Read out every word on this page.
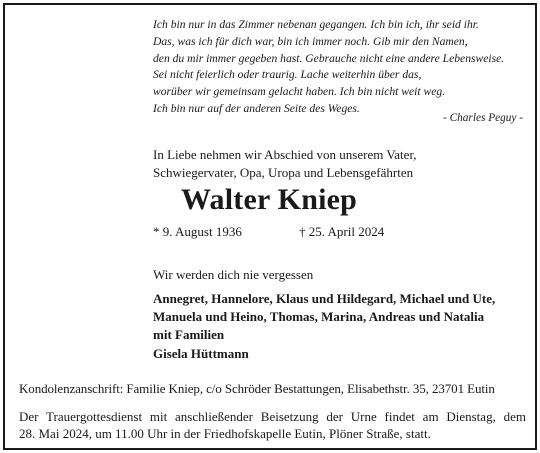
Ich bin nur in das Zimmer nebenan gegangen. Ich bin ich, ihr seid ihr.
Das, was ich für dich war, bin ich immer noch. Gib mir den Namen,
den du mir immer gegeben hast. Gebrauche nicht eine andere Lebensweise.
Sei nicht feierlich oder traurig. Lache weiterhin über das,
worüber wir gemeinsam gelacht haben. Ich bin nicht weit weg.
Ich bin nur auf der anderen Seite des Weges.
- Charles Peguy -
In Liebe nehmen wir Abschied von unserem Vater,
Schwiegervater, Opa, Uropa und Lebensgefährten
Walter Kniep
* 9. August 1936	† 25. April 2024
Wir werden dich nie vergessen
Annegret, Hannelore, Klaus und Hildegard, Michael und Ute,
Manuela und Heino, Thomas, Marina, Andreas und Natalia
mit Familien
Gisela Hüttmann
Kondolenzanschrift: Familie Kniep, c/o Schröder Bestattungen, Elisabethstr. 35, 23701 Eutin
Der Trauergottesdienst mit anschließender Beisetzung der Urne findet am Dienstag, dem
28. Mai 2024, um 11.00 Uhr in der Friedhofskapelle Eutin, Plöner Straße, statt.
